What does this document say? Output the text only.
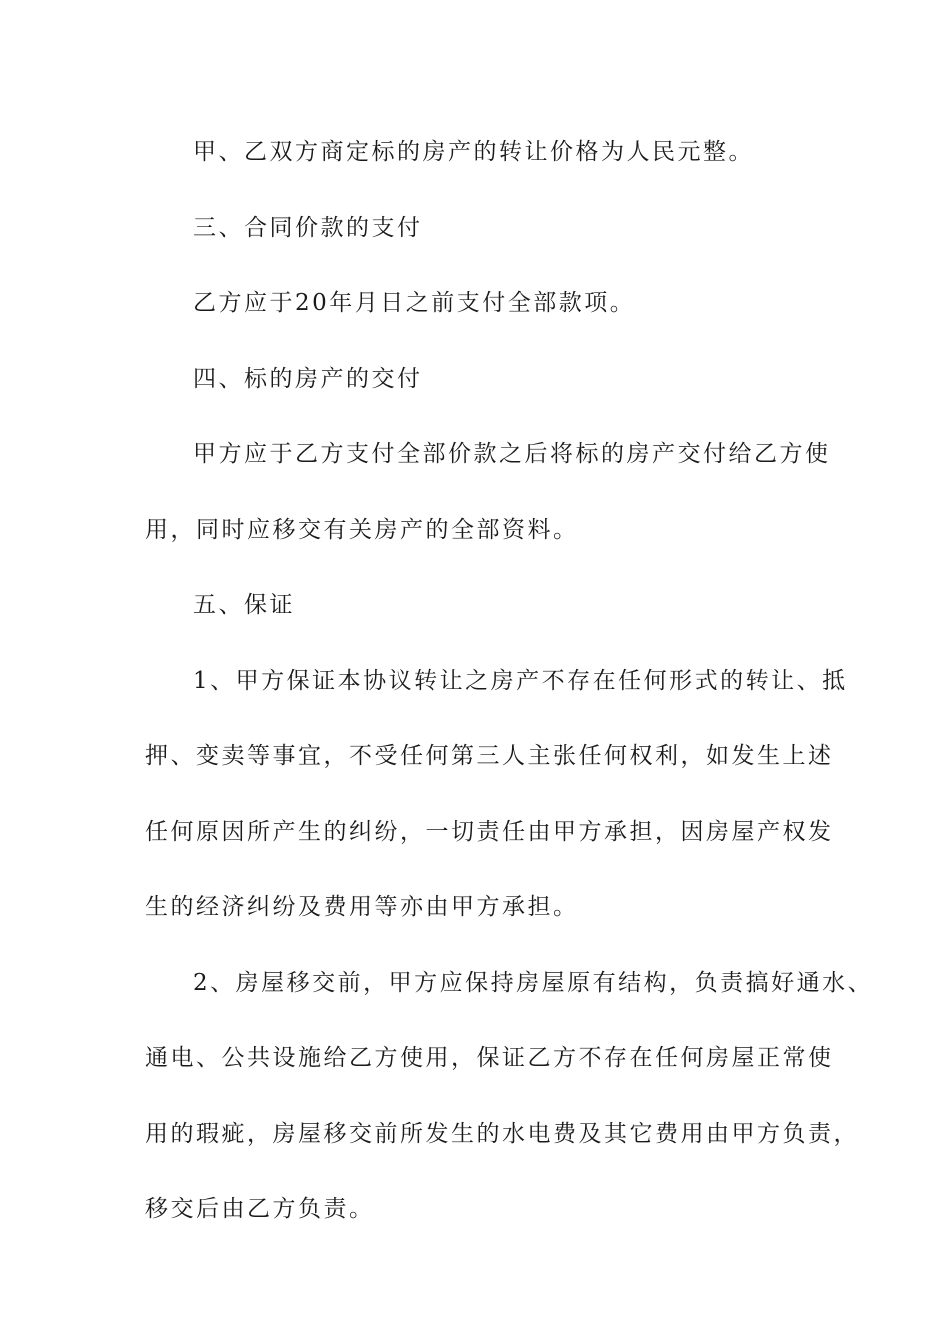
甲、乙双方商定标的房产的转让价格为人民元整。
三、合同价款的支付
乙方应于20年月日之前支付全部款项。
四、标的房产的交付
甲方应于乙方支付全部价款之后将标的房产交付给乙方使
用，同时应移交有关房产的全部资料。
五、保证
1、甲方保证本协议转让之房产不存在任何形式的转让、抵
押、变卖等事宜，不受任何第三人主张任何权利，如发生上述
任何原因所产生的纠纷，一切责任由甲方承担，因房屋产权发
生的经济纠纷及费用等亦由甲方承担。
2、房屋移交前，甲方应保持房屋原有结构，负责搞好通水、
通电、公共设施给乙方使用，保证乙方不存在任何房屋正常使
用的瑕疵，房屋移交前所发生的水电费及其它费用由甲方负责，
移交后由乙方负责。
